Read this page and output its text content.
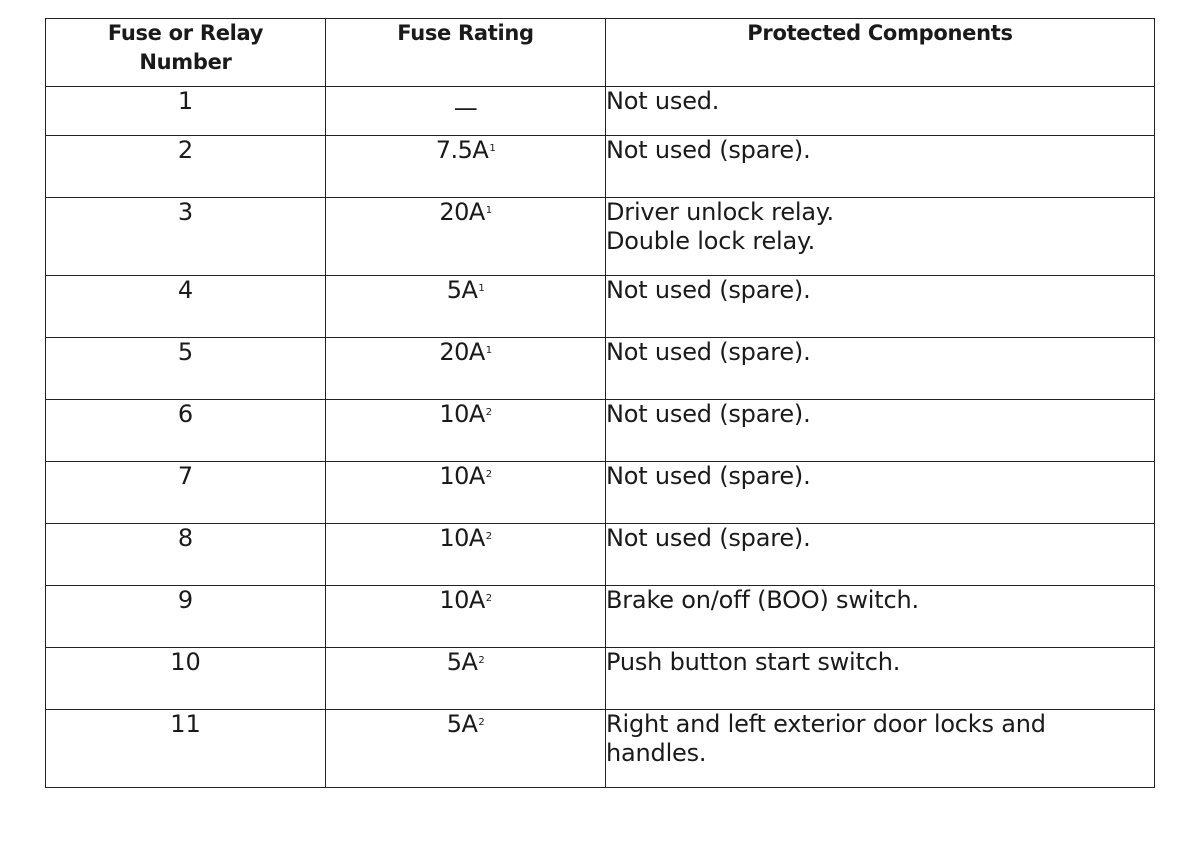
Fuse or Relay
Number	Fuse Rating	Protected Components
1	—	Not used.

2	$7.5A^1$	Not used (spare).

3	$20A^1$	Driver unlock relay.
Double lock relay.

4	$5A^1$	Not used (spare).

5	$20A^1$	Not used (spare).

6	$10A^2$	Not used (spare).

7	$10A^2$	Not used (spare).

8	$10A^2$	Not used (spare).

9	$10A^2$	Brake on/off (BOO) switch.

10	$5A^2$	Push button start switch.

11	$5A^2$	Right and left exterior door locks and
handles.
